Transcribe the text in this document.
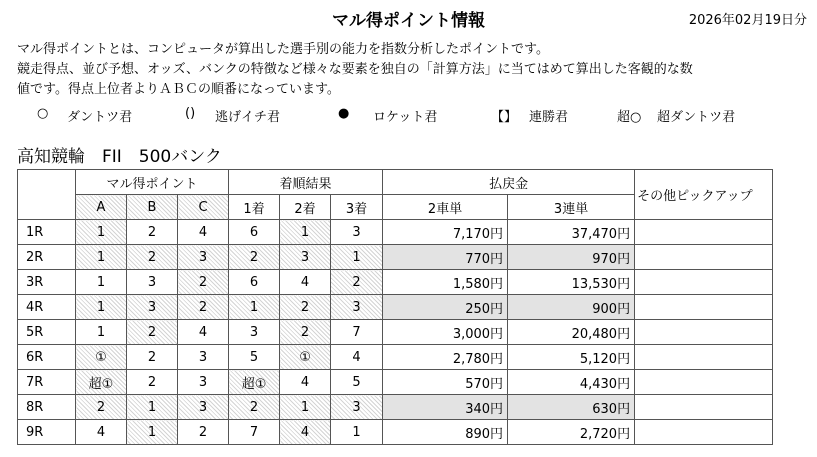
マル得ポイント情報	2026年02月19日分
マル得ポイントとは、コンピュータが算出した選手別の能力を指数分析したポイントです。
競走得点、並び予想、オッズ、バンクの特徴など様々な要素を独自の「計算方法」に当てはめて算出した客観的な数
値です。得点上位者よりＡＢＣの順番になっています。
○	ダントツ君	()	逃げイチ君	●	ロケット君	【】 連勝君	超○	超ダントツ君
高知競輪　FII　500バンク
	マル得ポイント			着順結果			払戻金		その他ピックアップ
	A	B	C	1着	2着	3着	2車単	3連単	
1R	1	2	4	6	1	3	7,170円	37,470円	
2R	1	2	3	2	3	1	770円	970円	
3R	1	3	2	6	4	2	1,580円	13,530円	
4R	1	3	2	1	2	3	250円	900円	
5R	1	2	4	3	2	7	3,000円	20,480円	
6R	①	2	3	5	①	4	2,780円	5,120円	
7R	超①	2	3	超①	4	5	570円	4,430円	
8R	2	1	3	2	1	3	340円	630円	
9R	4	1	2	7	4	1	890円	2,720円	
